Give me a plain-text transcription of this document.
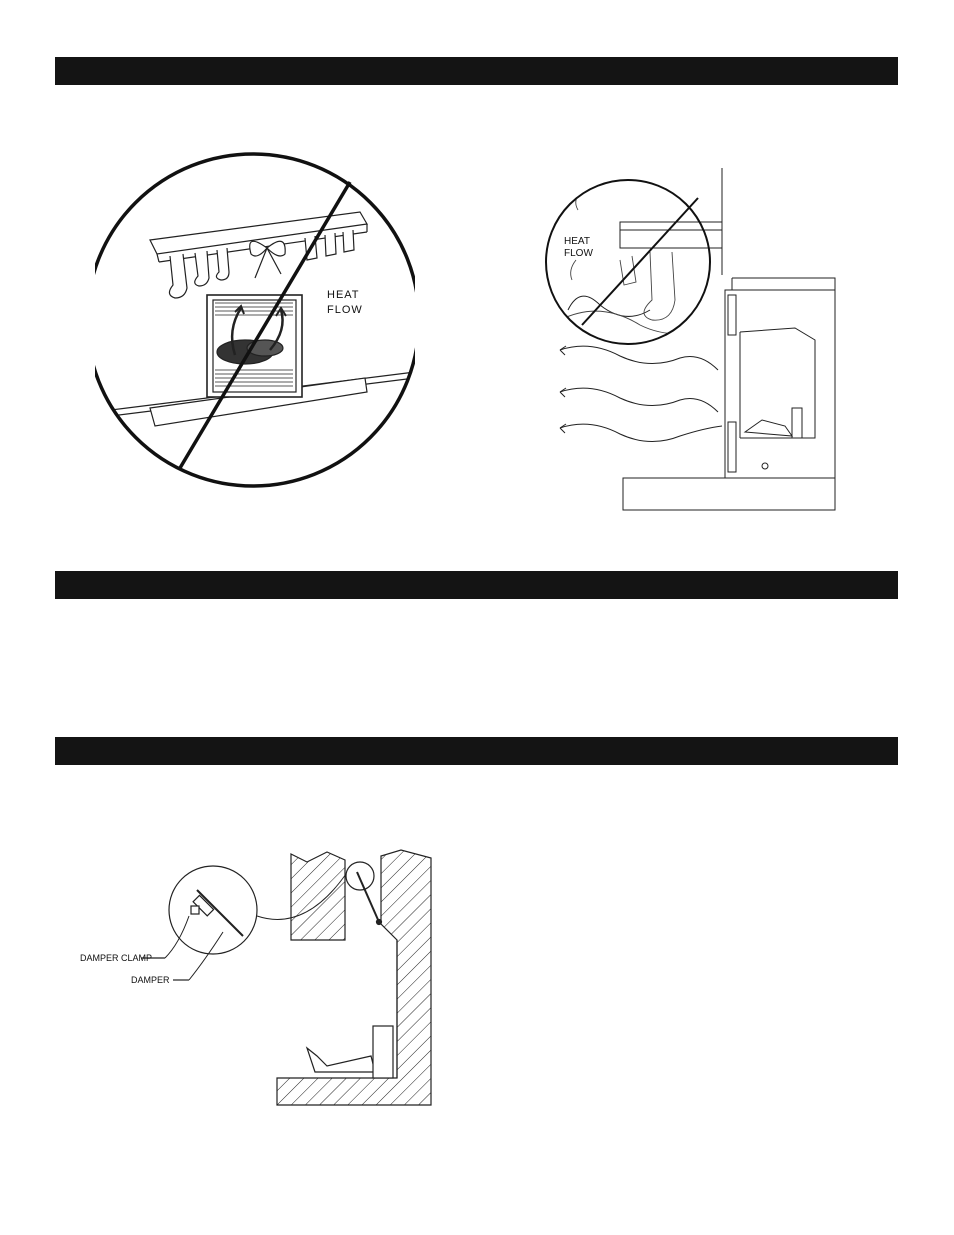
HEAT
FLOW
HEAT
FLOW
DAMPER CLAMP
DAMPER
